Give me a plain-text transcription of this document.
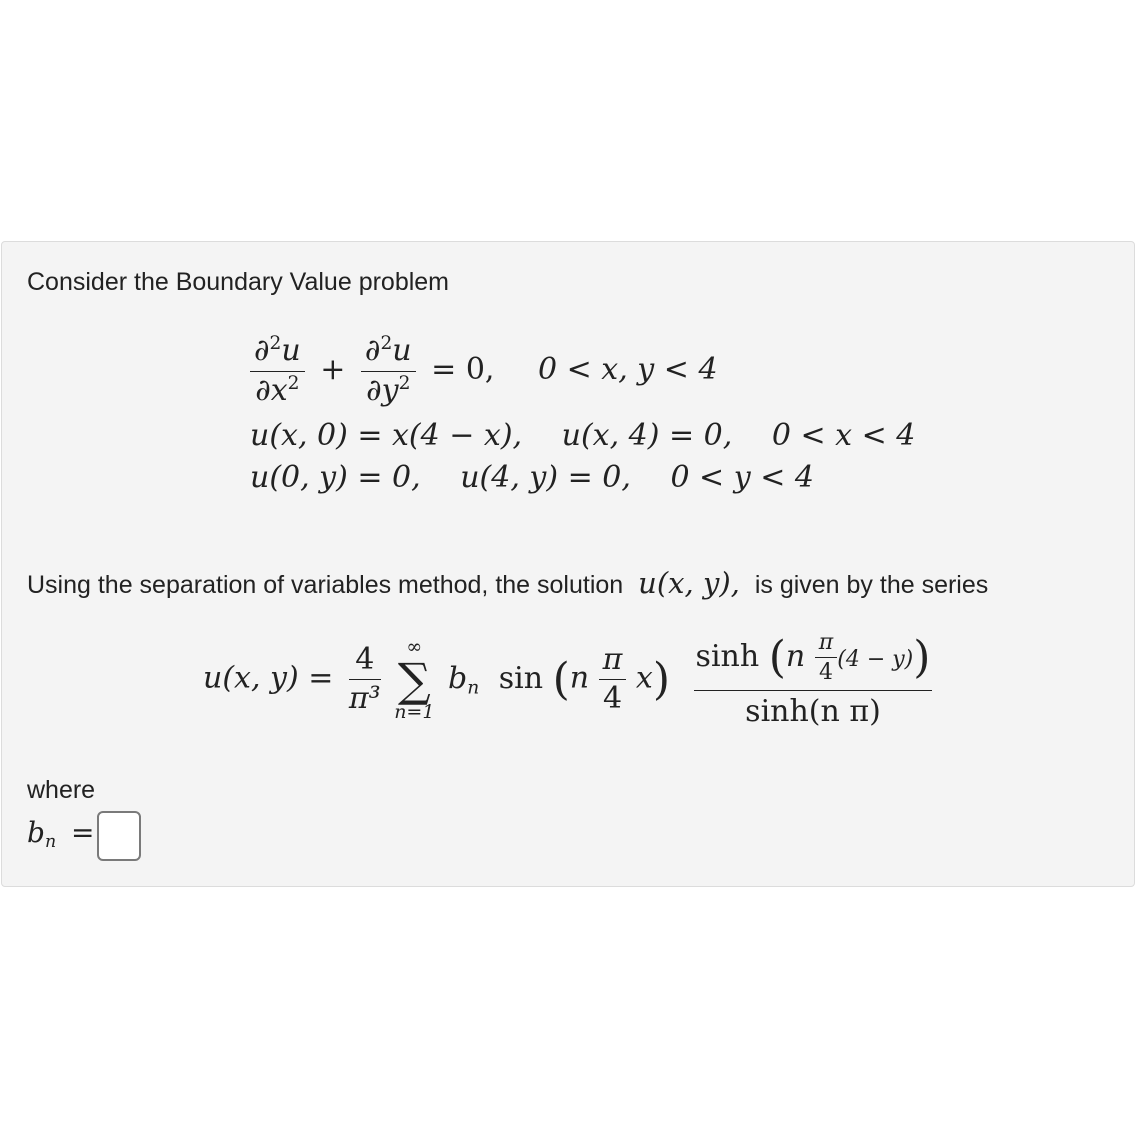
Consider the Boundary Value problem
$\frac{\partial^2u}{\partial x^2} + \frac{\partial^2u}{\partial y^2} = 0$, 0 < x, y < 4
u(x, 0) = x(4 − x), u(x, 4) = 0, 0 < x < 4
u(0, y) = 0, u(4, y) = 0, 0 < y < 4
Using the separation of variables method, the solution u(x, y), is given by the series
u(x, $y) = \frac{4}{\text{π³}}$
	∞
∑
n=1
$b_n$ $\sin (n \frac{\pi}{4} x) \frac{\sinh (n \frac{\pi}{4} (4 - y))}{\text{sinh(n π)}}$
where
$b_n$ =
